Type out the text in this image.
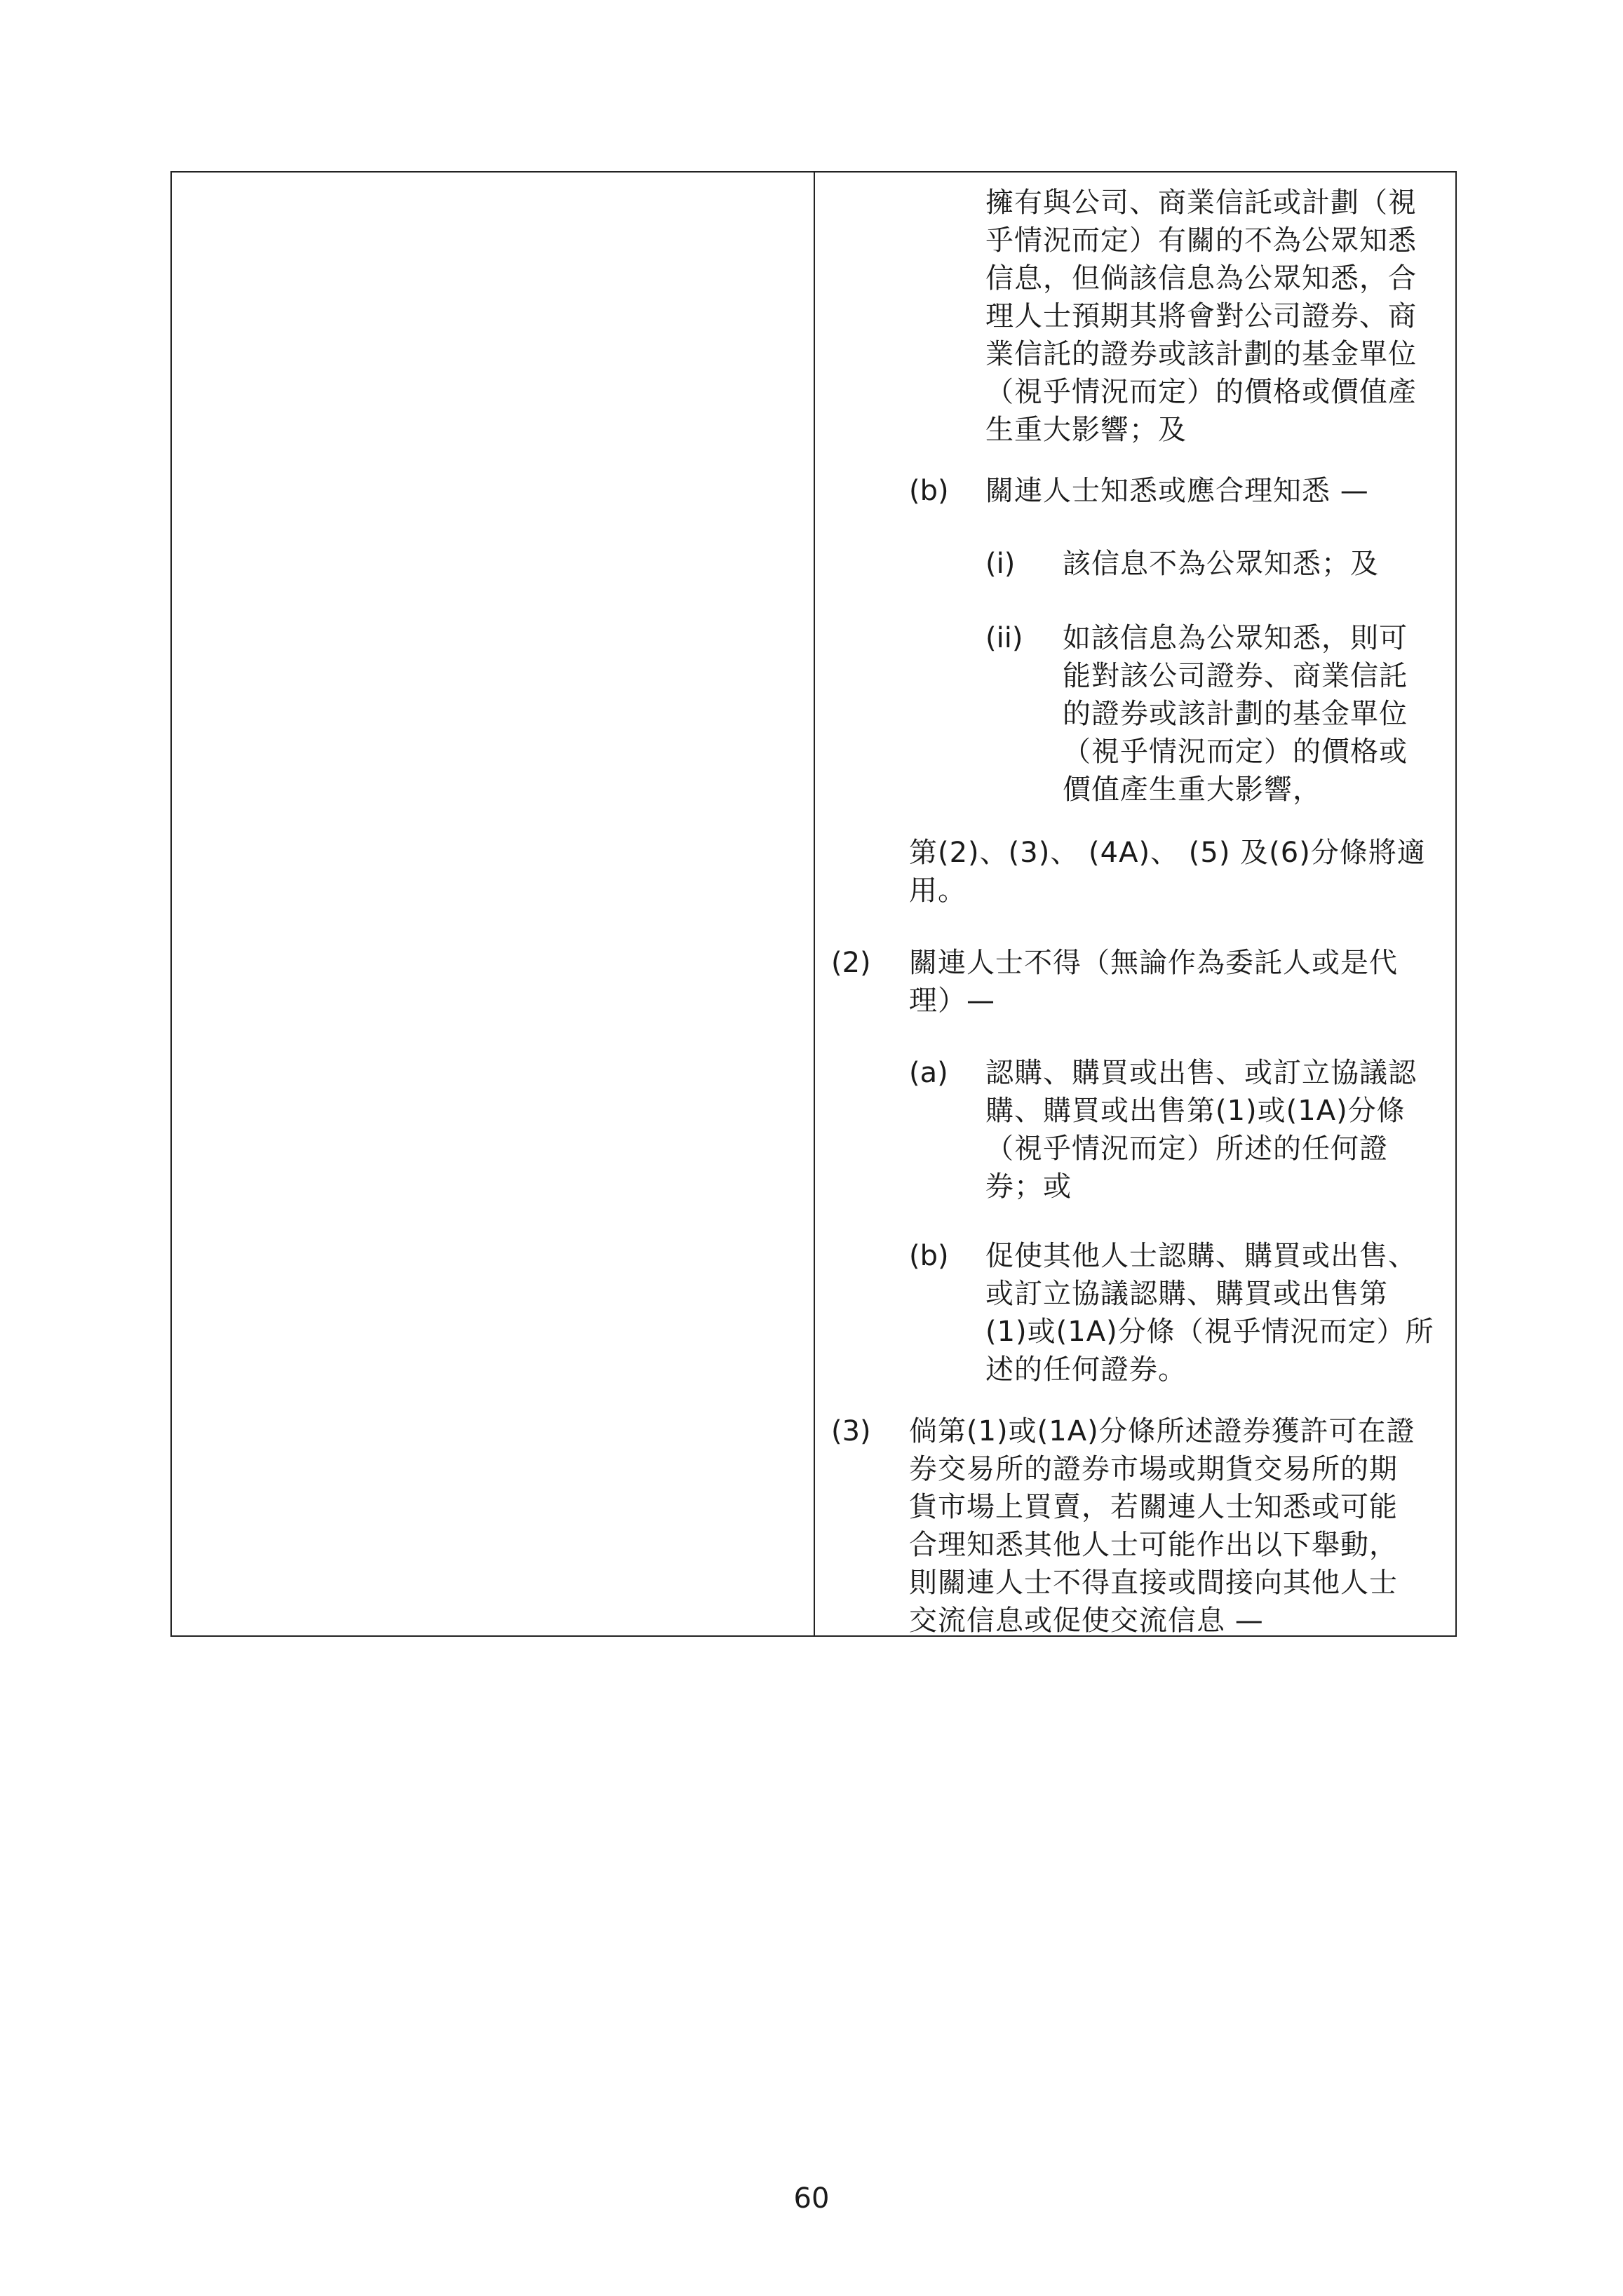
擁有與公司、商業信託或計劃（視
乎情況而定）有關的不為公眾知悉
信息，但倘該信息為公眾知悉，合
理人士預期其將會對公司證券、商
業信託的證券或該計劃的基金單位
（視乎情況而定）的價格或價值產
生重大影響；及
(b) 關連人士知悉或應合理知悉 —
(i) 該信息不為公眾知悉；及
(ii) 如該信息為公眾知悉，則可
能對該公司證券、商業信託
的證券或該計劃的基金單位
（視乎情況而定）的價格或
價值產生重大影響，
第(2)、(3)、 (4A)、 (5) 及(6)分條將適
用。
(2) 關連人士不得（無論作為委託人或是代
理）—
(a) 認購、購買或出售、或訂立協議認
購、購買或出售第(1)或(1A)分條
（視乎情況而定）所述的任何證
券；或
(b) 促使其他人士認購、購買或出售、
或訂立協議認購、購買或出售第
(1)或(1A)分條（視乎情況而定）所
述的任何證券。
(3) 倘第(1)或(1A)分條所述證券獲許可在證
券交易所的證券市場或期貨交易所的期
貨市場上買賣，若關連人士知悉或可能
合理知悉其他人士可能作出以下舉動，
則關連人士不得直接或間接向其他人士
交流信息或促使交流信息 —
60
